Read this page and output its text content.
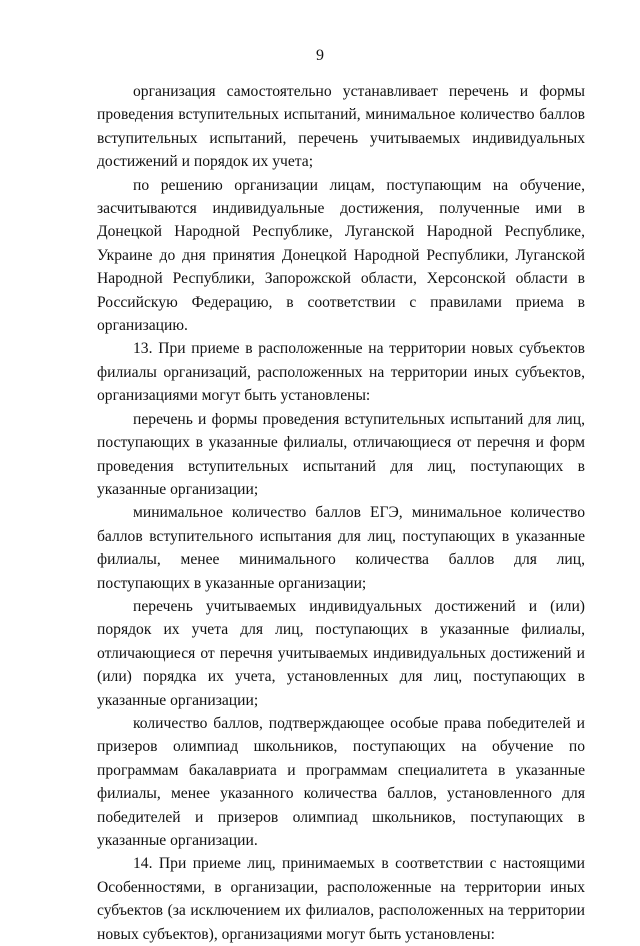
9

организация самостоятельно устанавливает перечень и формы проведения вступительных испытаний, минимальное количество баллов вступительных испытаний, перечень учитываемых индивидуальных достижений и порядок их учета;

по решению организации лицам, поступающим на обучение, засчитываются индивидуальные достижения, полученные ими в Донецкой Народной Республике, Луганской Народной Республике, Украине до дня принятия Донецкой Народной Республики, Луганской Народной Республики, Запорожской области, Херсонской области в Российскую Федерацию, в соответствии с правилами приема в организацию.

13. При приеме в расположенные на территории новых субъектов филиалы организаций, расположенных на территории иных субъектов, организациями могут быть установлены:

перечень и формы проведения вступительных испытаний для лиц, поступающих в указанные филиалы, отличающиеся от перечня и форм проведения вступительных испытаний для лиц, поступающих в указанные организации;

минимальное количество баллов ЕГЭ, минимальное количество баллов вступительного испытания для лиц, поступающих в указанные филиалы, менее минимального количества баллов для лиц, поступающих в указанные организации;

перечень учитываемых индивидуальных достижений и (или) порядок их учета для лиц, поступающих в указанные филиалы, отличающиеся от перечня учитываемых индивидуальных достижений и (или) порядка их учета, установленных для лиц, поступающих в указанные организации;

количество баллов, подтверждающее особые права победителей и призеров олимпиад школьников, поступающих на обучение по программам бакалавриата и программам специалитета в указанные филиалы, менее указанного количества баллов, установленного для победителей и призеров олимпиад школьников, поступающих в указанные организации.

14. При приеме лиц, принимаемых в соответствии с настоящими Особенностями, в организации, расположенные на территории иных субъектов (за исключением их филиалов, расположенных на территории новых субъектов), организациями могут быть установлены:
